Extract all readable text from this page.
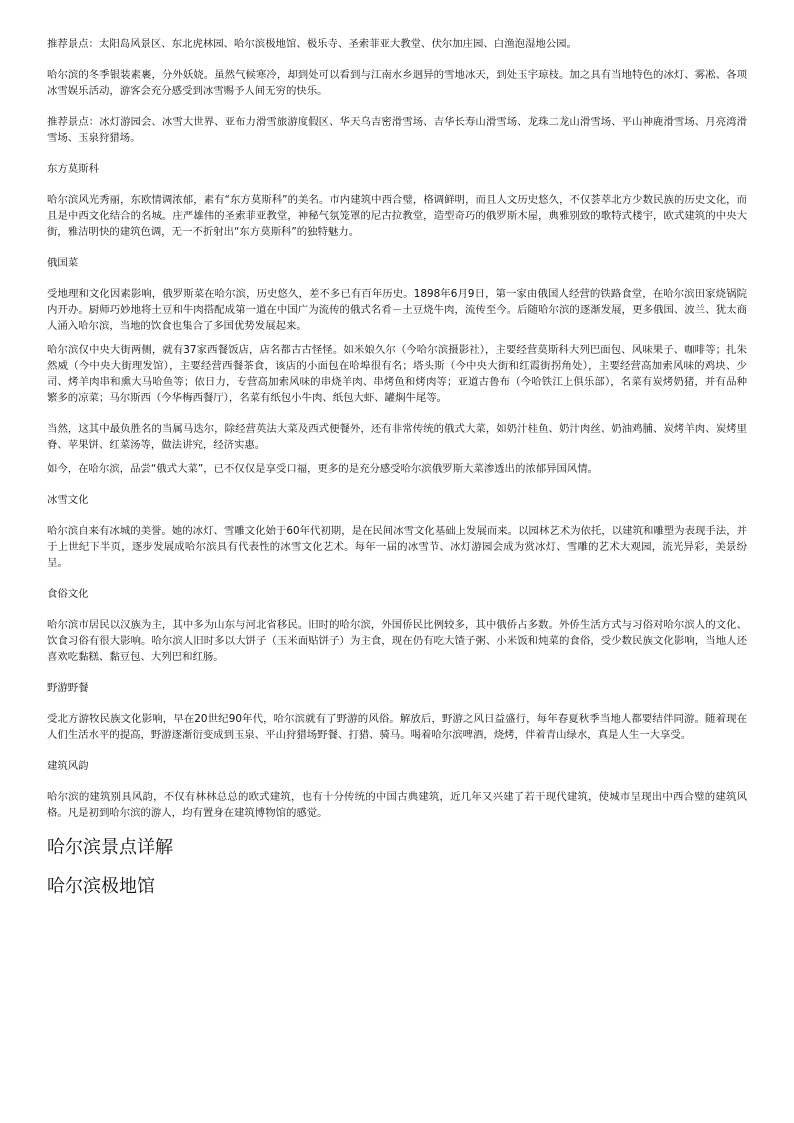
推荐景点：太阳岛风景区、东北虎林园、哈尔滨极地馆、极乐寺、圣索菲亚大教堂、伏尔加庄园、白渔泡湿地公园。

哈尔滨的冬季银装素裹，分外妖娆。虽然气候寒冷，却到处可以看到与江南水乡迥异的雪地冰天，到处玉宇琼枝。加之具有当地特色的冰灯、雾凇、各项冰雪娱乐活动，游客会充分感受到冰雪赐予人间无穷的快乐。

推荐景点：冰灯游园会、冰雪大世界、亚布力滑雪旅游度假区、华天乌吉密滑雪场、吉华长寿山滑雪场、龙珠二龙山滑雪场、平山神鹿滑雪场、月亮湾滑雪场、玉泉狩猎场。

东方莫斯科

哈尔滨风光秀丽，东欧情调浓郁，素有“东方莫斯科”的美名。市内建筑中西合璧，格调鲜明，而且人文历史悠久，不仅荟萃北方少数民族的历史文化，而且是中西文化结合的名城。庄严雄伟的圣索菲亚教堂，神秘气氛笼罩的尼古拉教堂，造型奇巧的俄罗斯木屋，典雅别致的歌特式楼宇，欧式建筑的中央大街，雅洁明快的建筑色调，无一不折射出“东方莫斯科”的独特魅力。

俄国菜

受地理和文化因素影响，俄罗斯菜在哈尔滨，历史悠久，差不多已有百年历史。1898年6月9日，第一家由俄国人经营的铁路食堂，在哈尔滨田家烧锅院内开办。厨师巧妙地将土豆和牛肉搭配成第一道在中国广为流传的俄式名肴－土豆烧牛肉，流传至今。后随哈尔滨的逐渐发展，更多俄国、波兰、犹太商人涌入哈尔滨，当地的饮食也集合了多国优势发展起来。

哈尔滨仅中央大街两侧，就有37家西餐饭店，店名都古古怪怪。如米娘久尔（今哈尔滨摄影社），主要经营莫斯科大列巴面包、风味果子、咖啡等；扎朱然威（今中央大街理发馆），主要经营西餐茶食，该店的小面包在哈埠很有名；塔头斯（今中央大街和红霞街拐角处），主要经营高加索风味的鸡块、少司、烤羊肉串和熏大马哈鱼等；依日力，专营高加索风味的串烧羊肉、串烤鱼和烤肉等；亚道古鲁布（今哈铁江上俱乐部），名菜有炭烤奶猪，并有品种繁多的凉菜；马尔斯西（今华梅西餐厅），名菜有纸包小牛肉、纸包大虾、罐焖牛尾等。

当然，这其中最负胜名的当属马迭尔，除经营英法大菜及西式便餐外，还有非常传统的俄式大菜，如奶汁桂鱼、奶汁肉丝、奶油鸡脯、炭烤羊肉、炭烤里脊、苹果饼、红菜汤等，做法讲究，经济实惠。

如今，在哈尔滨，品尝“俄式大菜”，已不仅仅是享受口福，更多的是充分感受哈尔滨俄罗斯大菜渗透出的浓郁异国风情。

冰雪文化

哈尔滨自来有冰城的美誉。她的冰灯、雪雕文化始于60年代初期，是在民间冰雪文化基础上发展而来。以园林艺术为依托，以建筑和雕塑为表现手法，并于上世纪下半页，逐步发展成哈尔滨具有代表性的冰雪文化艺术。每年一届的冰雪节、冰灯游园会成为赏冰灯、雪雕的艺术大观园，流光异彩，美景纷呈。

食俗文化

哈尔滨市居民以汉族为主，其中多为山东与河北省移民。旧时的哈尔滨，外国侨民比例较多，其中俄侨占多数。外侨生活方式与习俗对哈尔滨人的文化、饮食习俗有很大影响。哈尔滨人旧时多以大饼子（玉米面贴饼子）为主食，现在仍有吃大馇子粥、小米饭和炖菜的食俗，受少数民族文化影响，当地人还喜欢吃黏糕、黏豆包、大列巴和红肠。

野游野餐

受北方游牧民族文化影响，早在20世纪90年代，哈尔滨就有了野游的风俗。解放后，野游之风日益盛行，每年春夏秋季当地人都要结伴同游。随着现在人们生活水平的提高，野游逐渐衍变成到玉泉、平山狩猎场野餐、打猎、骑马。喝着哈尔滨啤酒，烧烤，伴着青山绿水，真是人生一大享受。

建筑风韵

哈尔滨的建筑别具风韵，不仅有林林总总的欧式建筑，也有十分传统的中国古典建筑，近几年又兴建了若干现代建筑，使城市呈现出中西合璧的建筑风格。凡是初到哈尔滨的游人，均有置身在建筑博物馆的感觉。

哈尔滨景点详解
哈尔滨极地馆
